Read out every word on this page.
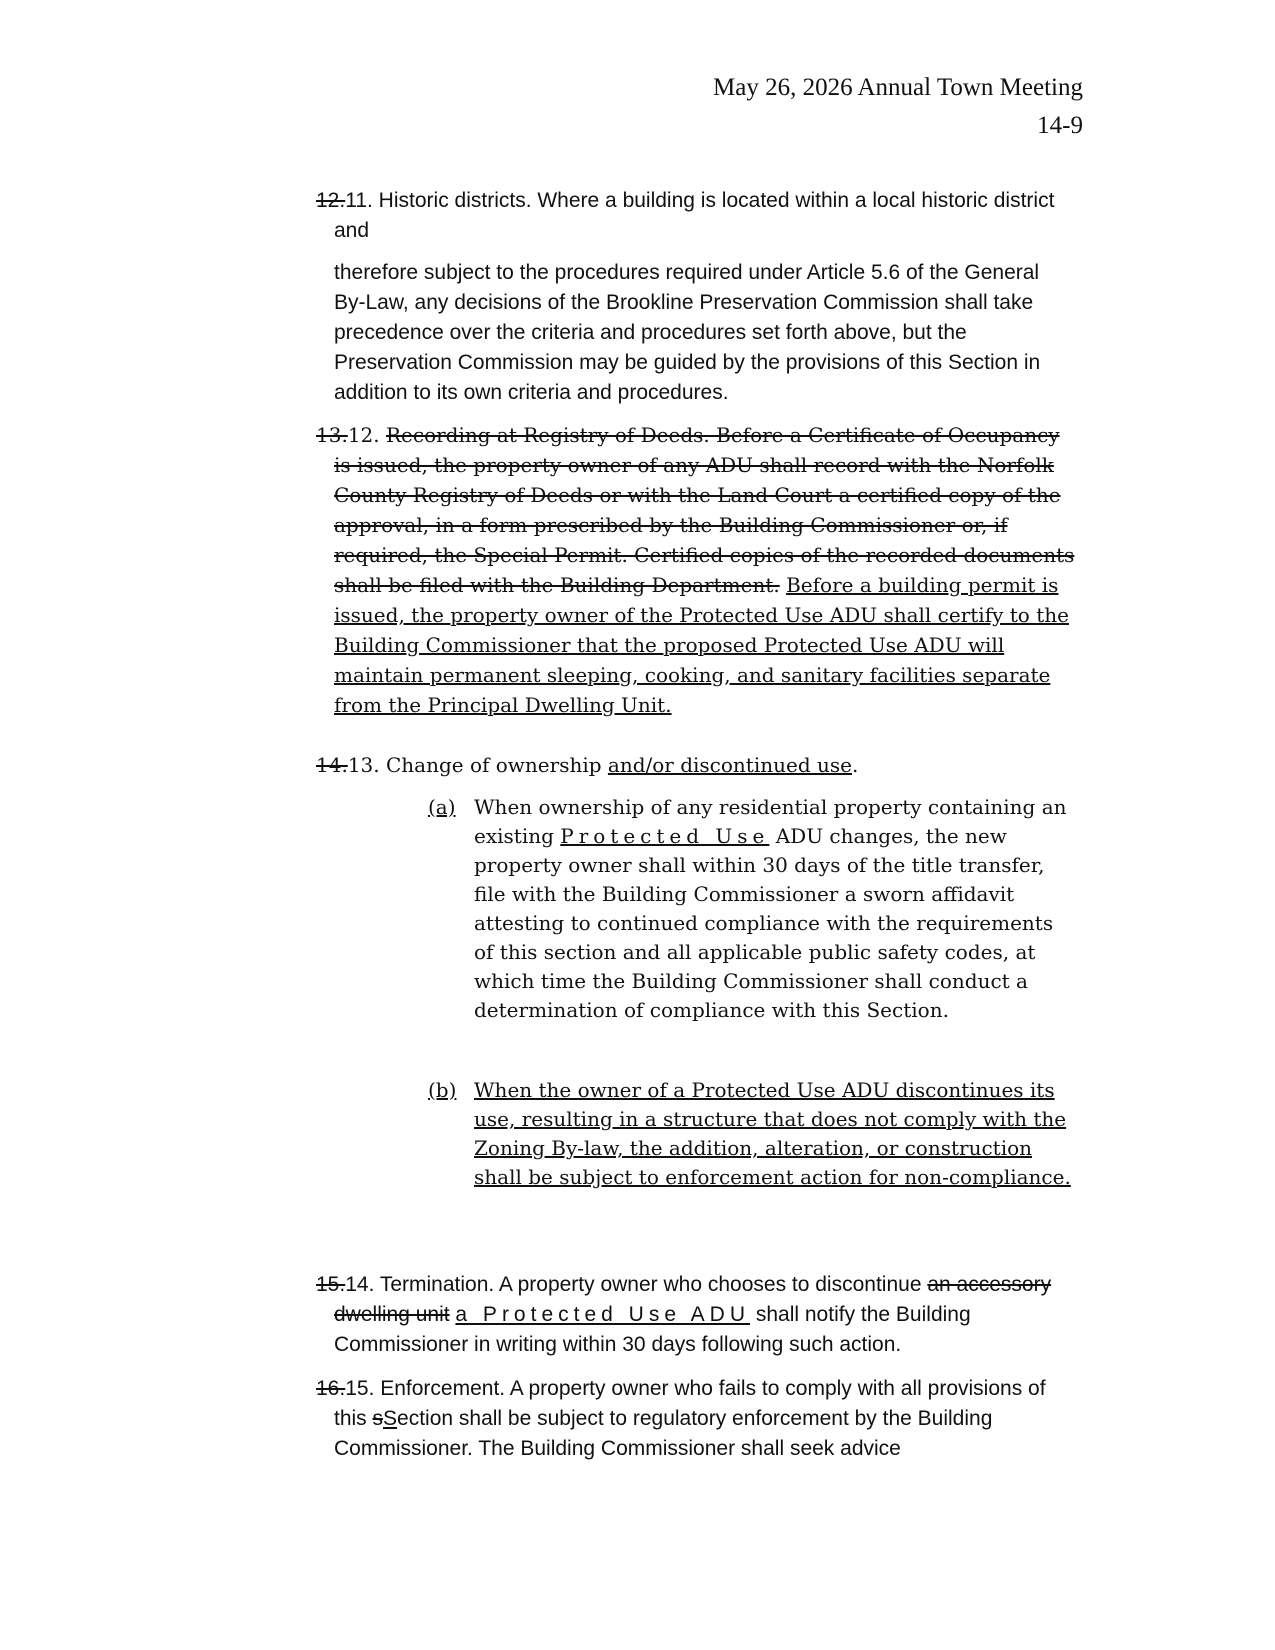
May 26, 2026 Annual Town Meeting
14-9
12.11. Historic districts. Where a building is located within a local historic district and
therefore subject to the procedures required under Article 5.6 of the General By-Law, any decisions of the Brookline Preservation Commission shall take precedence over the criteria and procedures set forth above, but the Preservation Commission may be guided by the provisions of this Section in addition to its own criteria and procedures.
13.12. Recording at Registry of Deeds. Before a Certificate of Occupancy is issued, the property owner of any ADU shall record with the Norfolk County Registry of Deeds or with the Land Court a certified copy of the approval, in a form prescribed by the Building Commissioner or, if required, the Special Permit. Certified copies of the recorded documents shall be filed with the Building Department. Before a building permit is issued, the property owner of the Protected Use ADU shall certify to the Building Commissioner that the proposed Protected Use ADU will maintain permanent sleeping, cooking, and sanitary facilities separate from the Principal Dwelling Unit.
14.13. Change of ownership and/or discontinued use.
(a) When ownership of any residential property containing an existing Protected Use ADU changes, the new property owner shall within 30 days of the title transfer, file with the Building Commissioner a sworn affidavit attesting to continued compliance with the requirements of this section and all applicable public safety codes, at which time the Building Commissioner shall conduct a determination of compliance with this Section.
(b) When the owner of a Protected Use ADU discontinues its use, resulting in a structure that does not comply with the Zoning By-law, the addition, alteration, or construction shall be subject to enforcement action for non-compliance.
15.14. Termination. A property owner who chooses to discontinue an accessory dwelling unit a Protected Use ADU shall notify the Building Commissioner in writing within 30 days following such action.
16.15. Enforcement. A property owner who fails to comply with all provisions of this sSection shall be subject to regulatory enforcement by the Building Commissioner. The Building Commissioner shall seek advice
